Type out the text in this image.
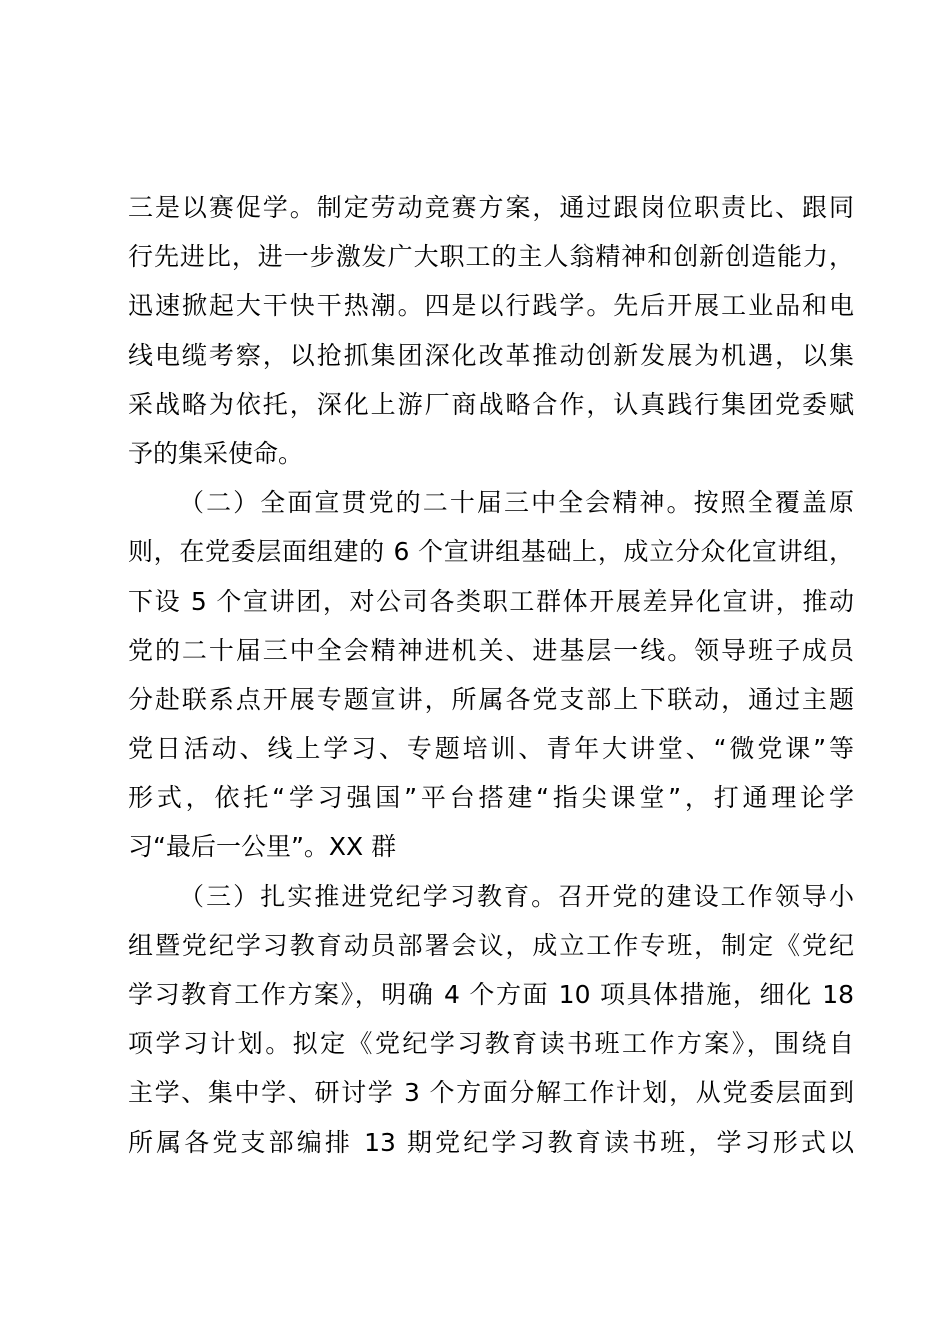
三是以赛促学。制定劳动竞赛方案，通过跟岗位职责比、跟同
行先进比，进一步激发广大职工的主人翁精神和创新创造能力，
迅速掀起大干快干热潮。四是以行践学。先后开展工业品和电
线电缆考察，以抢抓集团深化改革推动创新发展为机遇，以集
采战略为依托，深化上游厂商战略合作，认真践行集团党委赋
予的集采使命。

（二）全面宣贯党的二十届三中全会精神。按照全覆盖原
则，在党委层面组建的 6 个宣讲组基础上，成立分众化宣讲组，
下设 5 个宣讲团，对公司各类职工群体开展差异化宣讲，推动
党的二十届三中全会精神进机关、进基层一线。领导班子成员
分赴联系点开展专题宣讲，所属各党支部上下联动，通过主题
党日活动、线上学习、专题培训、青年大讲堂、“微党课”等
形式，依托“学习强国”平台搭建“指尖课堂”，打通理论学
习“最后一公里”。XX 群

（三）扎实推进党纪学习教育。召开党的建设工作领导小
组暨党纪学习教育动员部署会议，成立工作专班，制定《党纪
学习教育工作方案》，明确 4 个方面 10 项具体措施，细化 18
项学习计划。拟定《党纪学习教育读书班工作方案》，围绕自
主学、集中学、研讨学 3 个方面分解工作计划，从党委层面到
所属各党支部编排 13 期党纪学习教育读书班，学习形式以
